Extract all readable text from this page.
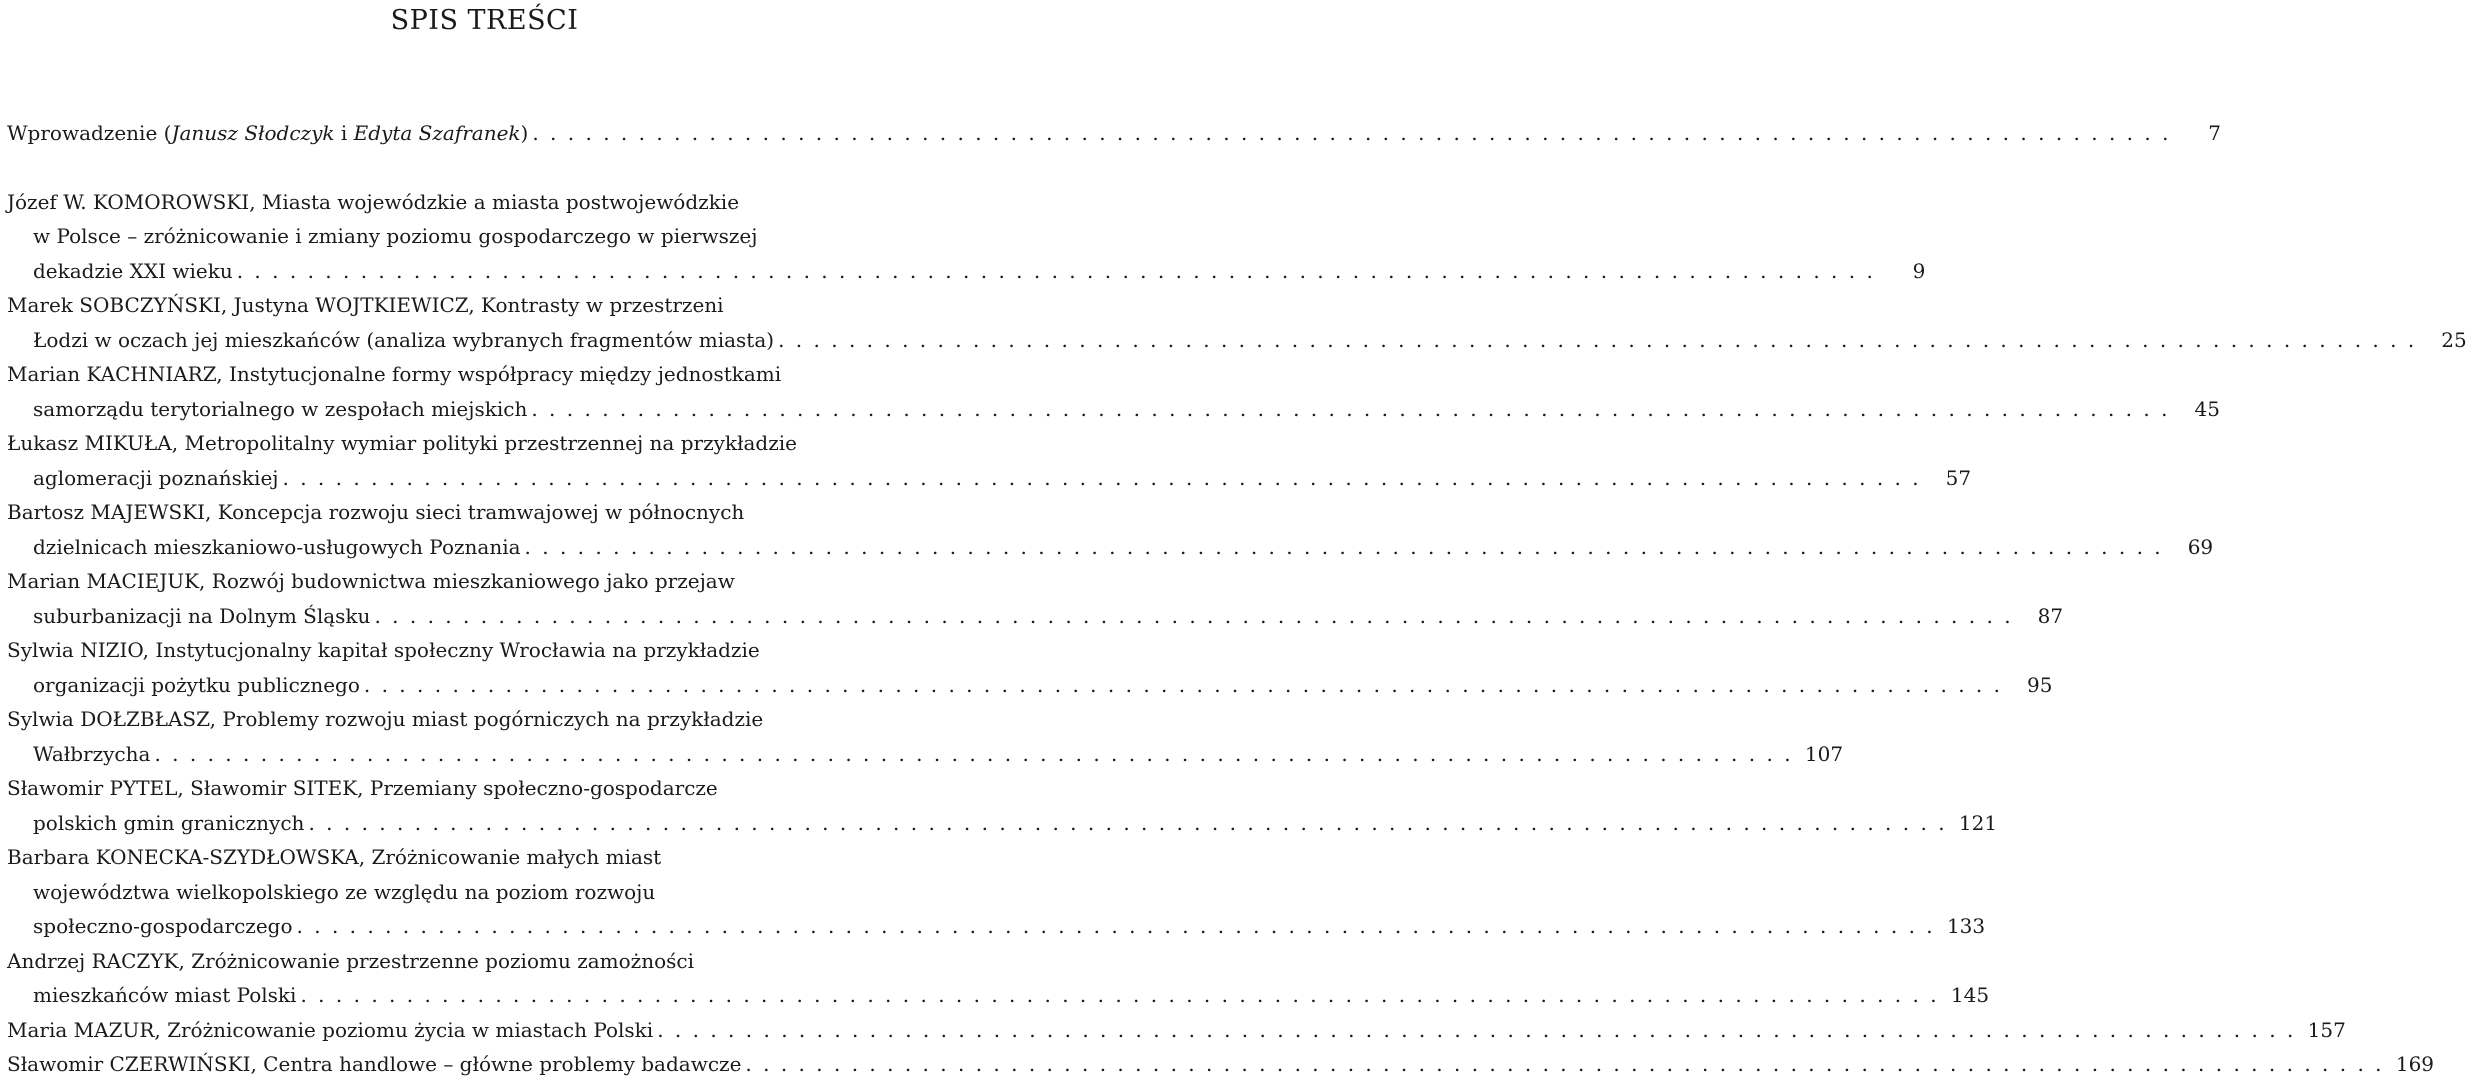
SPIS TREŚCI
Wprowadzenie (Janusz Słodczyk i Edyta Szafranek) . . .	7
Józef W. KOMOROWSKI, Miasta wojewódzkie a miasta postwojewódzkie
w Polsce – zróżnicowanie i zmiany poziomu gospodarczego w pierwszej
dekadzie XXI wieku . . .	9
Marek SOBCZYŃSKI, Justyna WOJTKIEWICZ, Kontrasty w przestrzeni
Łodzi w oczach jej mieszkańców (analiza wybranych fragmentów miasta) . . .	25
Marian KACHNIARZ, Instytucjonalne formy współpracy między jednostkami
samorządu terytorialnego w zespołach miejskich . . .	45
Łukasz MIKUŁA, Metropolitalny wymiar polityki przestrzennej na przykładzie
aglomeracji poznańskiej . . .	57
Bartosz MAJEWSKI, Koncepcja rozwoju sieci tramwajowej w północnych
dzielnicach mieszkaniowo-usługowych Poznania . . .	69
Marian MACIEJUK, Rozwój budownictwa mieszkaniowego jako przejaw
suburbanizacji na Dolnym Śląsku . . .	87
Sylwia NIZIO, Instytucjonalny kapitał społeczny Wrocławia na przykładzie
organizacji pożytku publicznego . . .	95
Sylwia DOŁZBŁASZ, Problemy rozwoju miast pogórniczych na przykładzie
Wałbrzycha . . .	107
Sławomir PYTEL, Sławomir SITEK, Przemiany społeczno-gospodarcze
polskich gmin granicznych . . .	121
Barbara KONECKA-SZYDŁOWSKA, Zróżnicowanie małych miast
województwa wielkopolskiego ze względu na poziom rozwoju
społeczno-gospodarczego . . .	133
Andrzej RACZYK, Zróżnicowanie przestrzenne poziomu zamożności
mieszkańców miast Polski . . .	145
Maria MAZUR, Zróżnicowanie poziomu życia w miastach Polski . . .	157
Sławomir CZERWIŃSKI, Centra handlowe – główne problemy badawcze . . .	169
